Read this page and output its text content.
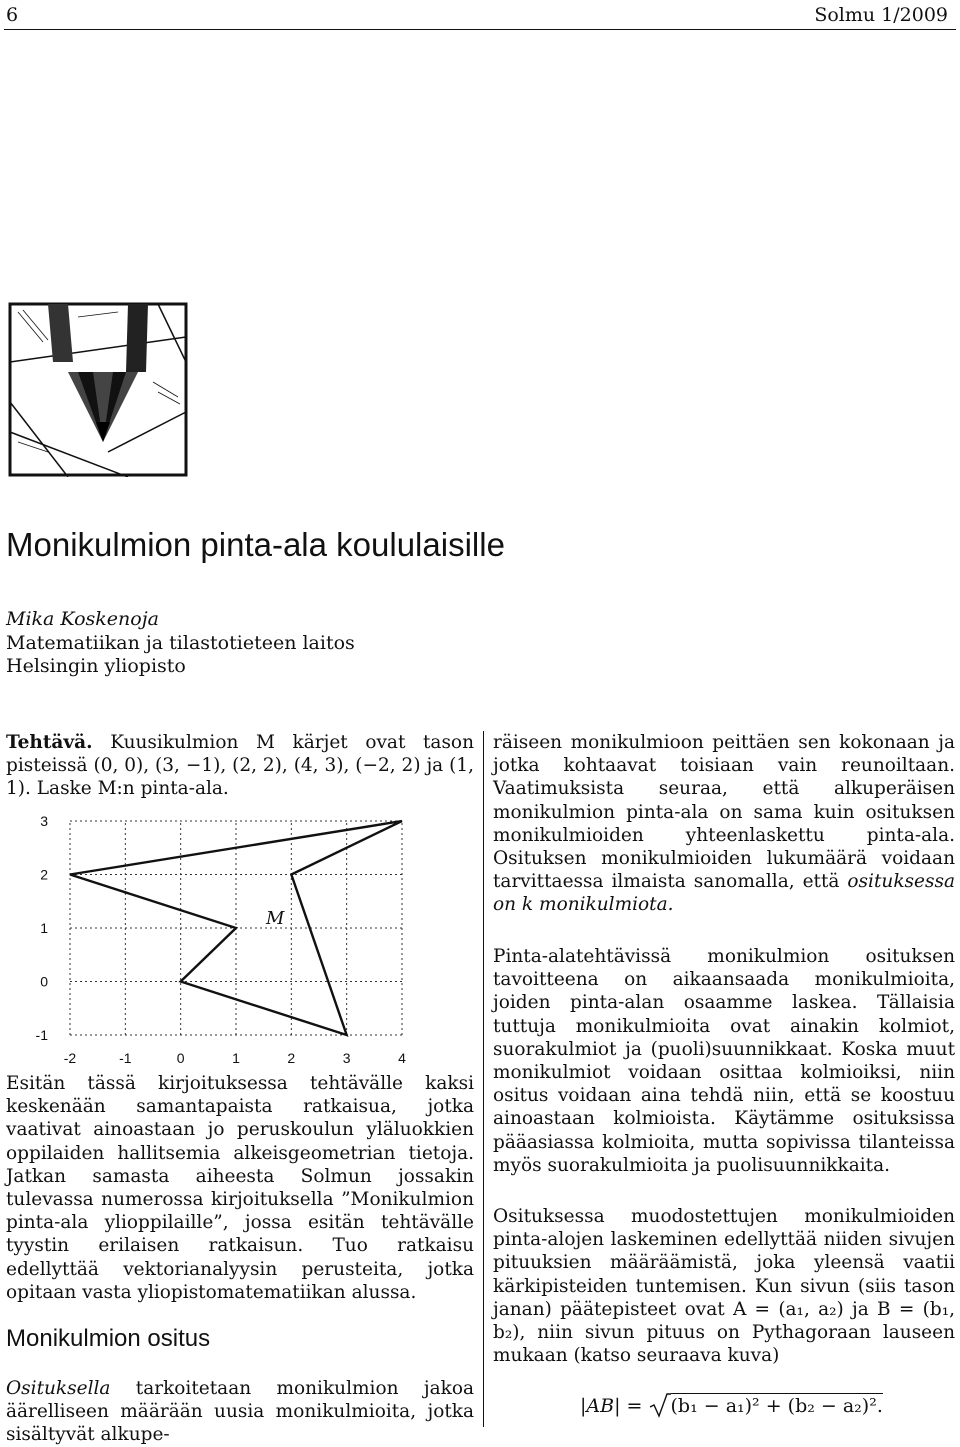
6	Solmu 1/2009
Monikulmion pinta-ala koululaisille
Mika Koskenoja
Matematiikan ja tilastotieteen laitos
Helsingin yliopisto

Tehtävä. Kuusikulmion M kärjet ovat tason pisteissä (0, 0), (3, −1), (2, 2), (4, 3), (−2, 2) ja (1, 1). Laske M:n pinta-ala.

-2	-1	0	1	2	3	4
-1
0
1
2
3
M

Esitän tässä kirjoituksessa tehtävälle kaksi keskenään samantapaista ratkaisua, jotka vaativat ainoastaan jo peruskoulun yläluokkien oppilaiden hallitsemia alkeisgeometrian tietoja. Jatkan samasta aiheesta Solmun jossakin tulevassa numerossa kirjoituksella ”Monikulmion pinta-ala ylioppilaille”, jossa esitän tehtävälle tyystin erilaisen ratkaisun. Tuo ratkaisu edellyttää vektorianalyysin perusteita, jotka opitaan vasta yliopistomatematiikan alussa.

Monikulmion ositus

Osituksella tarkoitetaan monikulmion jakoa äärelliseen määrään uusia monikulmioita, jotka sisältyvät alkupe-

räiseen monikulmioon peittäen sen kokonaan ja jotka kohtaavat toisiaan vain reunoiltaan. Vaatimuksista seuraa, että alkuperäisen monikulmion pinta-ala on sama kuin osituksen monikulmioiden yhteenlaskettu pinta-ala. Osituksen monikulmioiden lukumäärä voidaan tarvittaessa ilmaista sanomalla, että osituksessa on k monikulmiota.

Pinta-alatehtävissä monikulmion osituksen tavoitteena on aikaansaada monikulmioita, joiden pinta-alan osaamme laskea. Tällaisia tuttuja monikulmioita ovat ainakin kolmiot, suorakulmiot ja (puoli)suunnikkaat. Koska muut monikulmiot voidaan osittaa kolmioiksi, niin ositus voidaan aina tehdä niin, että se koostuu ainoastaan kolmioista. Käytämme osituksissa pääasiassa kolmioita, mutta sopivissa tilanteissa myös suorakulmioita ja puolisuunnikkaita.

Osituksessa muodostettujen monikulmioiden pinta-alojen laskeminen edellyttää niiden sivujen pituuksien määräämistä, joka yleensä vaatii kärkipisteiden tuntemisen. Kun sivun (siis tason janan) päätepisteet ovat A = (a₁, a₂) ja B = (b₁, b₂), niin sivun pituus on Pythagoraan lauseen mukaan (katso seuraava kuva)

|AB| = (b₁ − a₁)² + (b₂ − a₂)².
